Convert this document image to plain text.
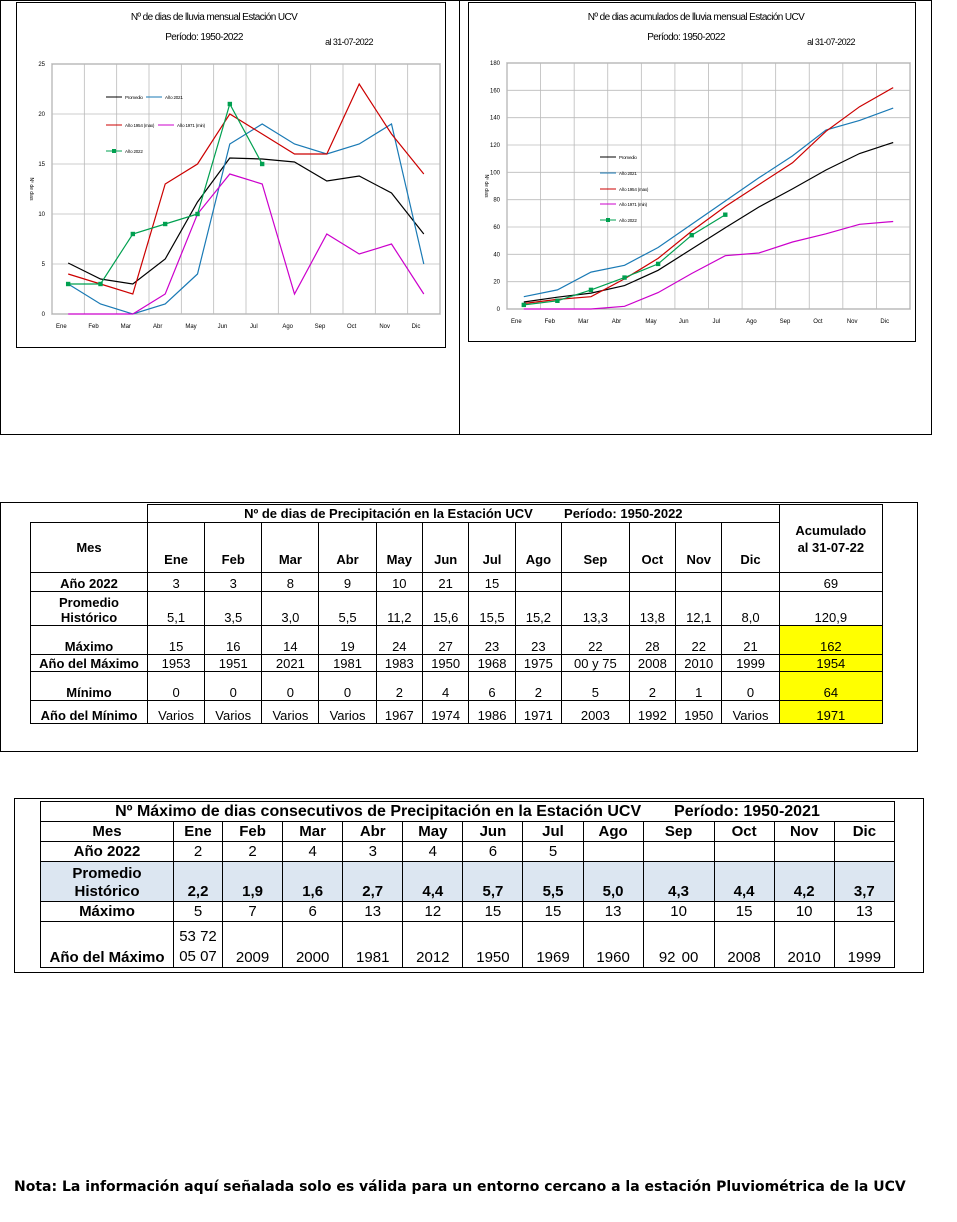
Nº de dias de lluvia mensual Estación UCV
Período: 1950-2022	al 31-07-2022
0
5
10
15
20
25
Ene	Feb	Mar	Abr	May	Jun	Jul	Ago	Sep	Oct	Nov	Dic
Nº de dias
Promedio	Año 2021
Año 1954 (max)	Año 1971 (min)
Año 2022
Nº de dias acumulados de lluvia mensual Estación UCV
Período: 1950-2022	al 31-07-2022
0
20
40
60
80
100
120
140
160
180
Ene	Feb	Mar	Abr	May	Jun	Jul	Ago	Sep	Oct	Nov	Dic
Nº de dias
Promedio
Año 2021
Año 1954 (max)
Año 1971 (min)
Año 2022
	Nº de dias de Precipitación en la Estación UCV Período: 1950-2022												Acumulado
al 31-07-22

Mes	Ene	Feb	Mar	Abr	May	Jun	Jul	Ago	Sep	Oct	Nov	Dic	
Año 2022	3	3	8	9	10	21	15						69

Promedio
Histórico	5,1	3,5	3,0	5,5	11,2	15,6	15,5	15,2	13,3	13,8	12,1	8,0	120,9
Máximo	15	16	14	19	24	27	23	23	22	28	22	21	162
Año del Máximo	1953	1951	2021	1981	1983	1950	1968	1975	00 y 75	2008	2010	1999	1954
Mínimo	0	0	0	0	2	4	6	2	5	2	1	0	64
Año del Mínimo	Varios	Varios	Varios	Varios	1967	1974	1986	1971	2003	1992	1950	Varios	1971
Nº Máximo de dias consecutivos de Precipitación en la Estación UCV Período: 1950-2021												
Mes	Ene	Feb	Mar	Abr	May	Jun	Jul	Ago	Sep	Oct	Nov	Dic
Año 2022	2	2	4	3	4	6	5					

Promedio
Histórico	2,2	1,9	1,6	2,7	4,4	5,7	5,5	5,0	4,3	4,4	4,2	3,7
Máximo	5	7	6	13	12	15	15	13	10	15	10	13
Año del Máximo	53 72 05 07	2009	2000	1981	2012	1950	1969	1960	92 00	2008	2010	1999
Nota: La información aquí señalada solo es válida para un entorno cercano a la estación Pluviométrica de la UCV
